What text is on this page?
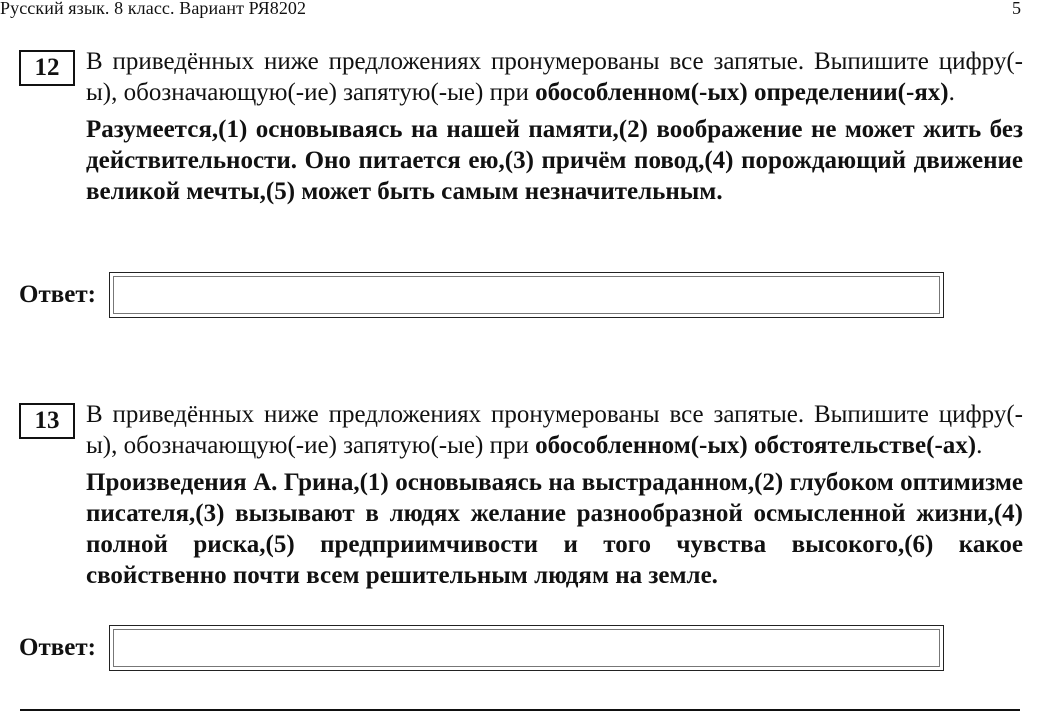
Русский язык. 8 класс. Вариант РЯ8202	5
12	В приведённых ниже предложениях пронумерованы все запятые. Выпишите цифру(-ы), обозначающую(-ие) запятую(-ые) при обособленном(-ых) определении(-ях).

Разумеется,(1) основываясь на нашей памяти,(2) воображение не может жить без действительности. Оно питается ею,(3) причём повод,(4) порождающий движение великой мечты,(5) может быть самым незначительным.

Ответ:
13	В приведённых ниже предложениях пронумерованы все запятые. Выпишите цифру(-ы), обозначающую(-ие) запятую(-ые) при обособленном(-ых) обстоятельстве(-ах).

Произведения А. Грина,(1) основываясь на выстраданном,(2) глубоком оптимизме писателя,(3) вызывают в людях желание разнообразной осмысленной жизни,(4) полной риска,(5) предприимчивости и того чувства высокого,(6) какое свойственно почти всем решительным людям на земле.

Ответ:
